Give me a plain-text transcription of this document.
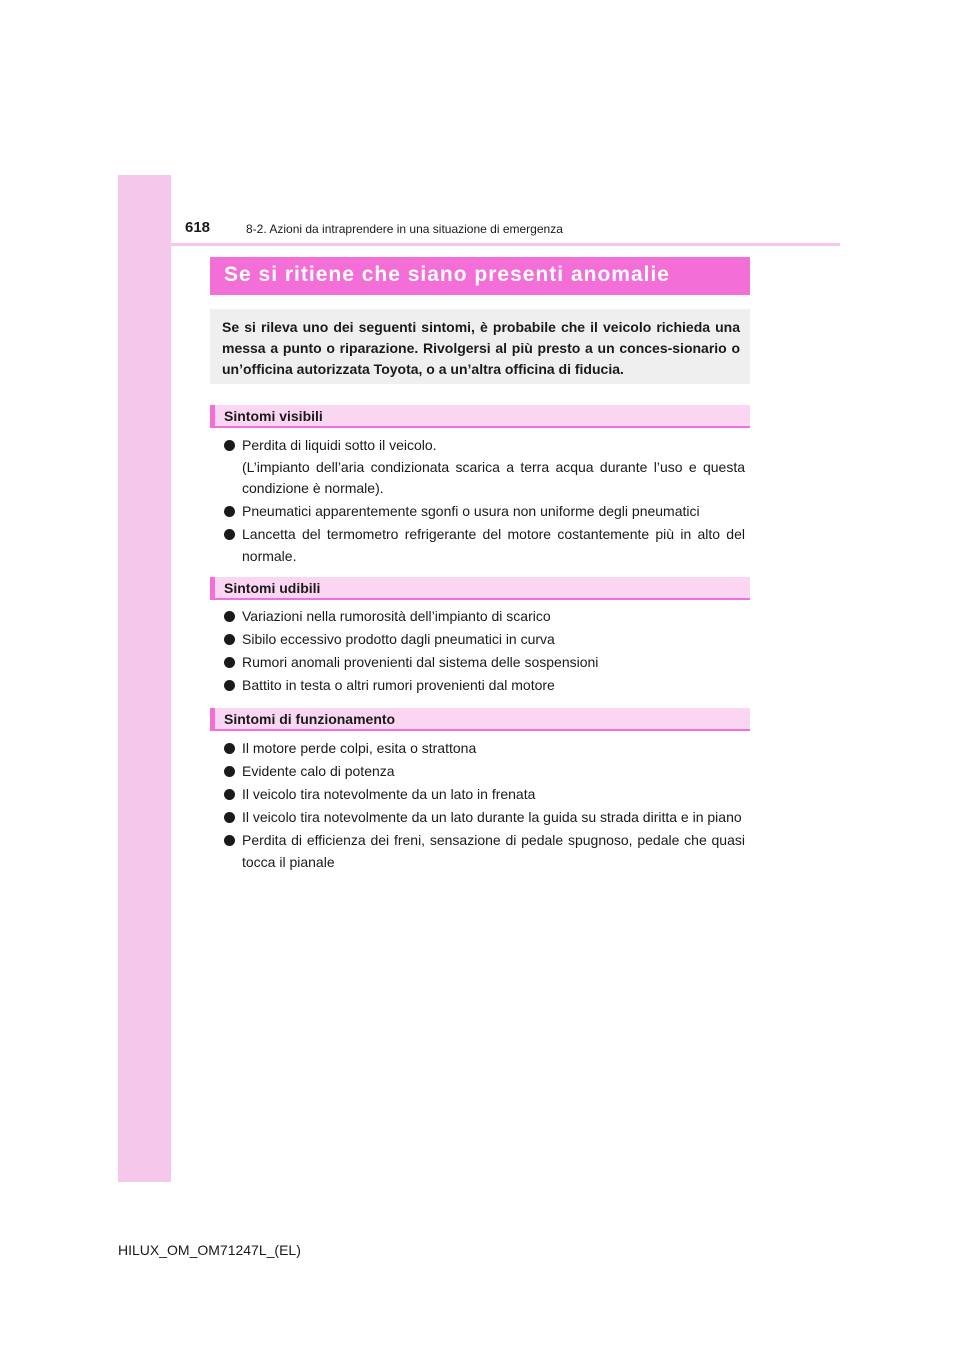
618	8-2. Azioni da intraprendere in una situazione di emergenza
Se si ritiene che siano presenti anomalie
Se si rileva uno dei seguenti sintomi, è probabile che il veicolo richieda una messa a punto o riparazione. Rivolgersi al più presto a un conces-sionario o un’officina autorizzata Toyota, o a un’altra officina di fiducia.
Sintomi visibili
Perdita di liquidi sotto il veicolo.
(L’impianto dell’aria condizionata scarica a terra acqua durante l’uso e questa condizione è normale).
Pneumatici apparentemente sgonfi o usura non uniforme degli pneumatici
Lancetta del termometro refrigerante del motore costantemente più in alto del normale.
Sintomi udibili
Variazioni nella rumorosità dell’impianto di scarico
Sibilo eccessivo prodotto dagli pneumatici in curva
Rumori anomali provenienti dal sistema delle sospensioni
Battito in testa o altri rumori provenienti dal motore
Sintomi di funzionamento
Il motore perde colpi, esita o strattona
Evidente calo di potenza
Il veicolo tira notevolmente da un lato in frenata
Il veicolo tira notevolmente da un lato durante la guida su strada diritta e in piano
Perdita di efficienza dei freni, sensazione di pedale spugnoso, pedale che quasi tocca il pianale
HILUX_OM_OM71247L_(EL)
